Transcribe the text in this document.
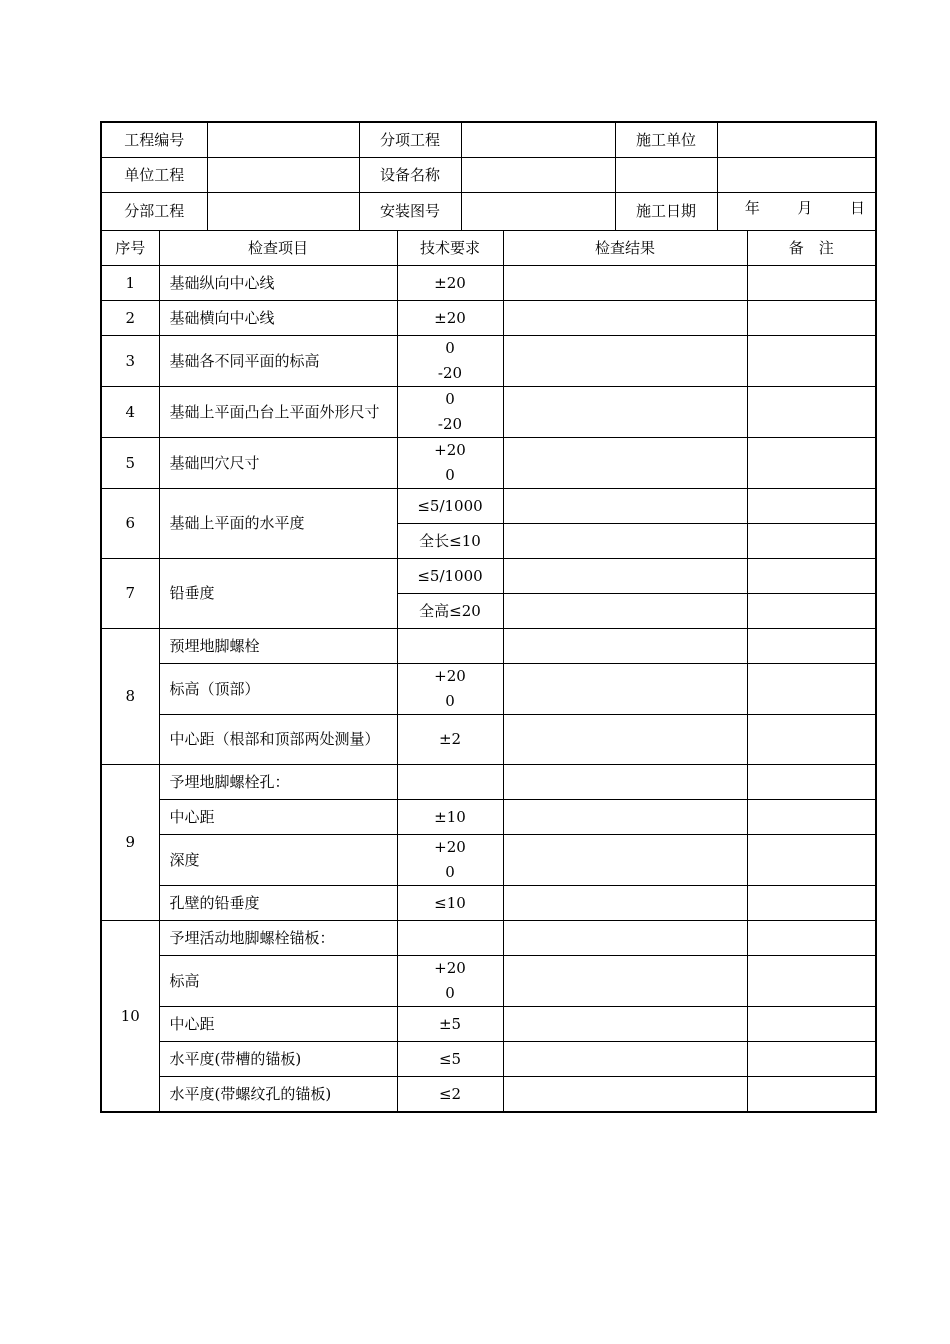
工程编号		分项工程		施工单位	
单位工程		设备名称			
分部工程		安装图号		施工日期	年 月 日
序号	检查项目	技术要求	检查结果	备　注
1	基础纵向中心线	±20		
2	基础横向中心线	±20		
3	基础各不同平面的标高	0
-20		

4	基础上平面凸台上平面外形尺寸	0
-20		

5	基础凹穴尺寸	+20
0		

6	基础上平面的水平度	≤5/1000		
		全长≤10		
7	铅垂度	≤5/1000		
		全高≤20		
8	预埋地脚螺栓			
	标高（顶部）	+20
0		

	中心距（根部和顶部两处测量）	±2		
9	予埋地脚螺栓孔：			
	中心距	±10		
	深度	+20
0		

	孔壁的铅垂度	≤10		
10	予埋活动地脚螺栓锚板：			
	标高	+20
0		

	中心距	±5		
	水平度(带槽的锚板)	≤5		
	水平度(带螺纹孔的锚板)	≤2		
